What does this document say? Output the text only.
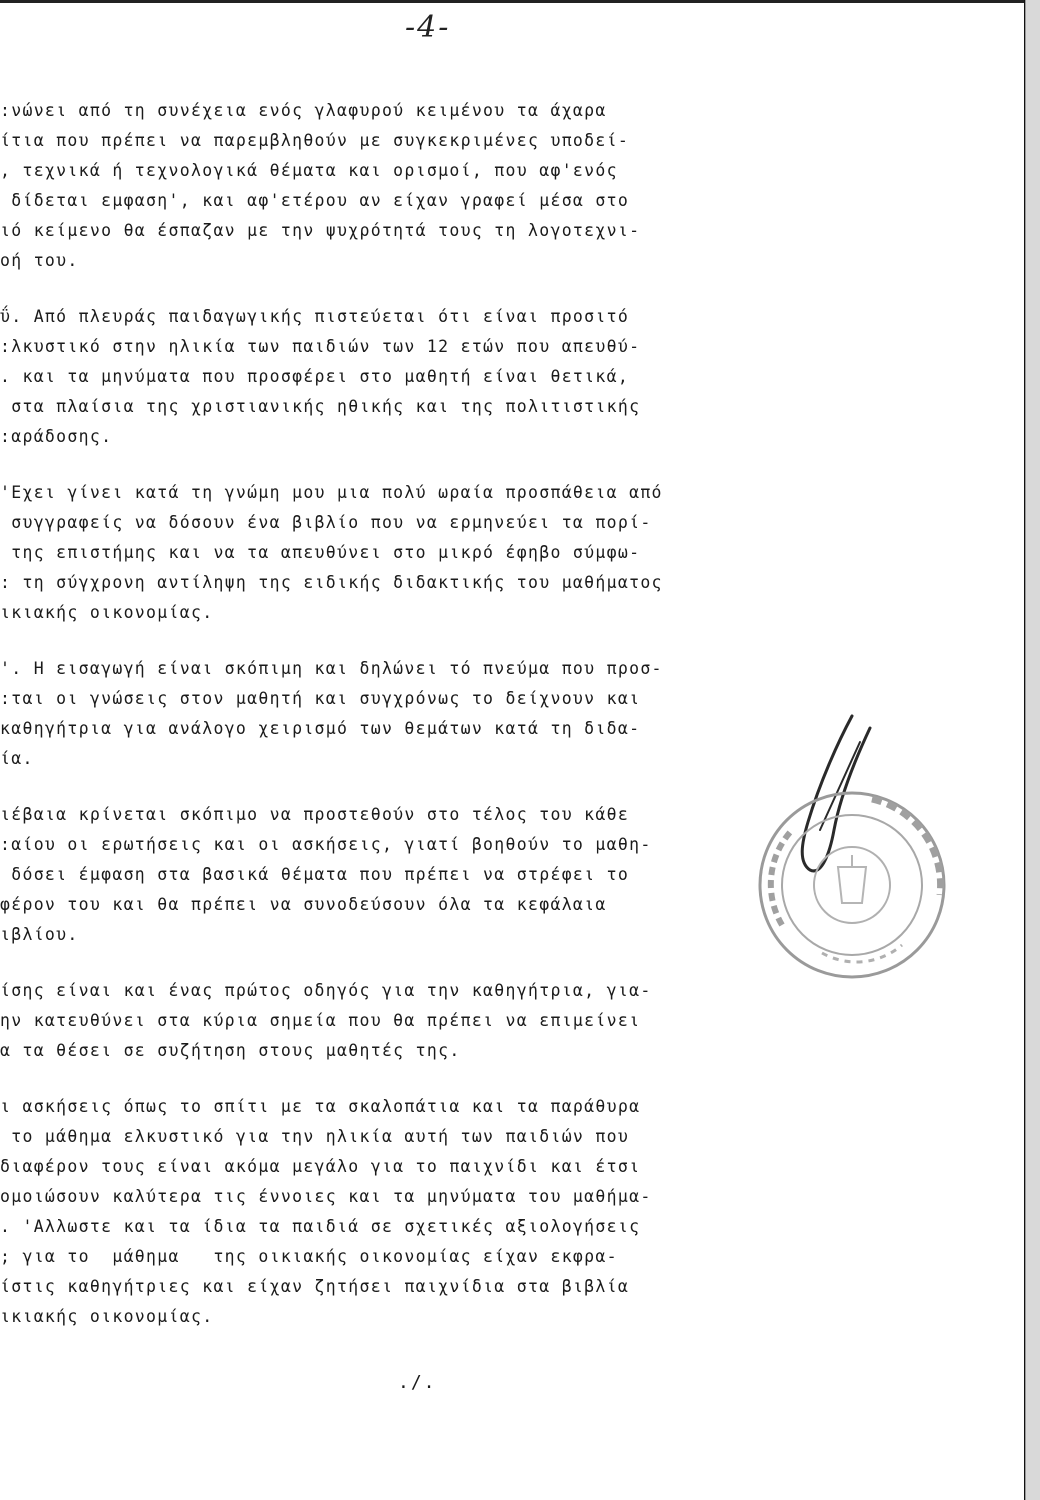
-4-
:νώνει από τη συνέχεια ενός γλαφυρού κειμένου τα άχαρα
ίτια που πρέπει να παρεμβληθούν με συγκεκριμένες υποδεί-
, τεχνικά ή τεχνολογικά θέματα και ορισμοί, που αφ'ενός
δίδεται εμφαση', και αφ'ετέρου αν είχαν γραφεί μέσα στο
ιό κείμενο θα έσπαζαν με την ψυχρότητά τους τη λογοτεχνι-
οή του.
ΰ. Από πλευράς παιδαγωγικής πιστεύεται ότι είναι προσιτό
:λκυστικό στην ηλικία των παιδιών των 12 ετών που απευθύ-
. και τα μηνύματα που προσφέρει στο μαθητή είναι θετικά,
στα πλαίσια της χριστιανικής ηθικής και της πολιτιστικής
:αράδοσης.
'Εχει γίνει κατά τη γνώμη μου μια πολύ ωραία προσπάθεια από
συγγραφείς να δόσουν ένα βιβλίο που να ερμηνεύει τα πορί-
της επιστήμης και να τα απευθύνει στο μικρό έφηβο σύμφω-
: τη σύγχρονη αντίληψη της ειδικής διδακτικής του μαθήματος
ικιακής οικονομίας.
'. Η εισαγωγή είναι σκόπιμη και δηλώνει τό πνεύμα που προσ-
:ται οι γνώσεις στον μαθητή και συγχρόνως το δείχνουν και
καθηγήτρια για ανάλογο χειρισμό των θεμάτων κατά τη διδα-
ία.
ιέβαια κρίνεται σκόπιμο να προστεθούν στο τέλος του κάθε
:αίου οι ερωτήσεις και οι ασκήσεις, γιατί βοηθούν το μαθη-
δόσει έμφαση στα βασικά θέματα που πρέπει να στρέφει το
φέρον του και θα πρέπει να συνοδεύσουν όλα τα κεφάλαια
ιβλίου.
ίσης είναι και ένας πρώτος οδηγός για την καθηγήτρια, για-
ην κατευθύνει στα κύρια σημεία που θα πρέπει να επιμείνει
α τα θέσει σε συζήτηση στους μαθητές της.
ι ασκήσεις όπως το σπίτι με τα σκαλοπάτια και τα παράθυρα
το μάθημα ελκυστικό για την ηλικία αυτή των παιδιών που
διαφέρον τους είναι ακόμα μεγάλο για το παιχνίδι και έτσι
ομοιώσουν καλύτερα τις έννοιες και τα μηνύματα του μαθήμα-
. 'Αλλωστε και τα ίδια τα παιδιά σε σχετικές αξιολογήσεις
; για το  μάθημα   της οικιακής οικονομίας είχαν εκφρα-
ίστις καθηγήτριες και είχαν ζητήσει παιχνίδια στα βιβλία
ικιακής οικονομίας.
./.
